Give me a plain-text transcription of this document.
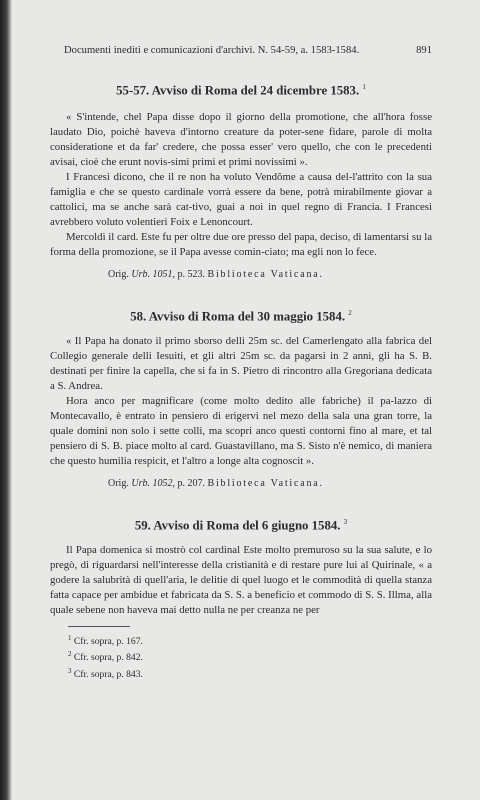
Documenti inediti e comunicazioni d'archivi. N. 54-59, a. 1583-1584.	891
55-57. Avviso di Roma del 24 dicembre 1583. $^1$

« S'intende, chel Papa disse dopo il giorno della promotione, che all'hora fosse laudato Dio, poichè haveva d'intorno creature da poter-sene fidare, parole di molta consideratione et da far' credere, che possa esser' vero quello, che con le precedenti avisai, cioè che erunt novis-simi primi et primi novissimi ».

I Francesi dicono, che il re non ha voluto Vendôme a causa del-l'attrito con la sua famiglia e che se questo cardinale vorrà essere da bene, potrà mirabilmente giovar a cattolici, ma se anche sarà cat-tivo, guai a noi in quel regno di Francia. I Francesi avrebbero voluto volentieri Foix e Lenoncourt.

Mercoldì il card. Este fu per oltre due ore presso del papa, deciso, di lamentarsi su la forma della promozione, se il Papa avesse comin-ciato; ma egli non lo fece.

Orig. Urb. 1051, p. 523. Biblioteca Vaticana.
58. Avviso di Roma del 30 maggio 1584. $^2$

« Il Papa ha donato il primo sborso delli 25m sc. del Camerlengato alla fabrica del Collegio generale delli Iesuiti, et gli altri 25m sc. da pagarsi in 2 anni, gli ha S. B. destinati per finire la capella, che si fa in S. Pietro di rincontro alla Gregoriana dedicata a S. Andrea.

Hora anco per magnificare (come molto dedito alle fabriche) il pa-lazzo di Montecavallo, è entrato in pensiero di erigervi nel mezo della sala una gran torre, la quale domini non solo i sette colli, ma scopri anco questi contorni fino al mare, et tal pensiero di S. B. piace molto al card. Guastavillano, ma S. Sisto n'è nemico, di maniera che questo humilia respicit, et l'altro a longe alta cognoscit ».

Orig. Urb. 1052, p. 207. Biblioteca Vaticana.
59. Avviso di Roma del 6 giugno 1584. $^3$

Il Papa domenica si mostrò col cardinal Este molto premuroso su la sua salute, e lo pregò, di riguardarsi nell'interesse della cristianità e di restare pure lui al Quirinale, « a godere la salubrità di quell'aria, le delitie di quel luogo et le commodità di quella stanza fatta capace per ambidue et fabricata da S. S. a beneficio et commodo di S. S. Illma, alla quale sebene non haveva mai detto nulla ne per creanza ne per

$^1$ Cfr. sopra, p. 167.
$^2$ Cfr. sopra, p. 842.
$^3$ Cfr. sopra, p. 843.
